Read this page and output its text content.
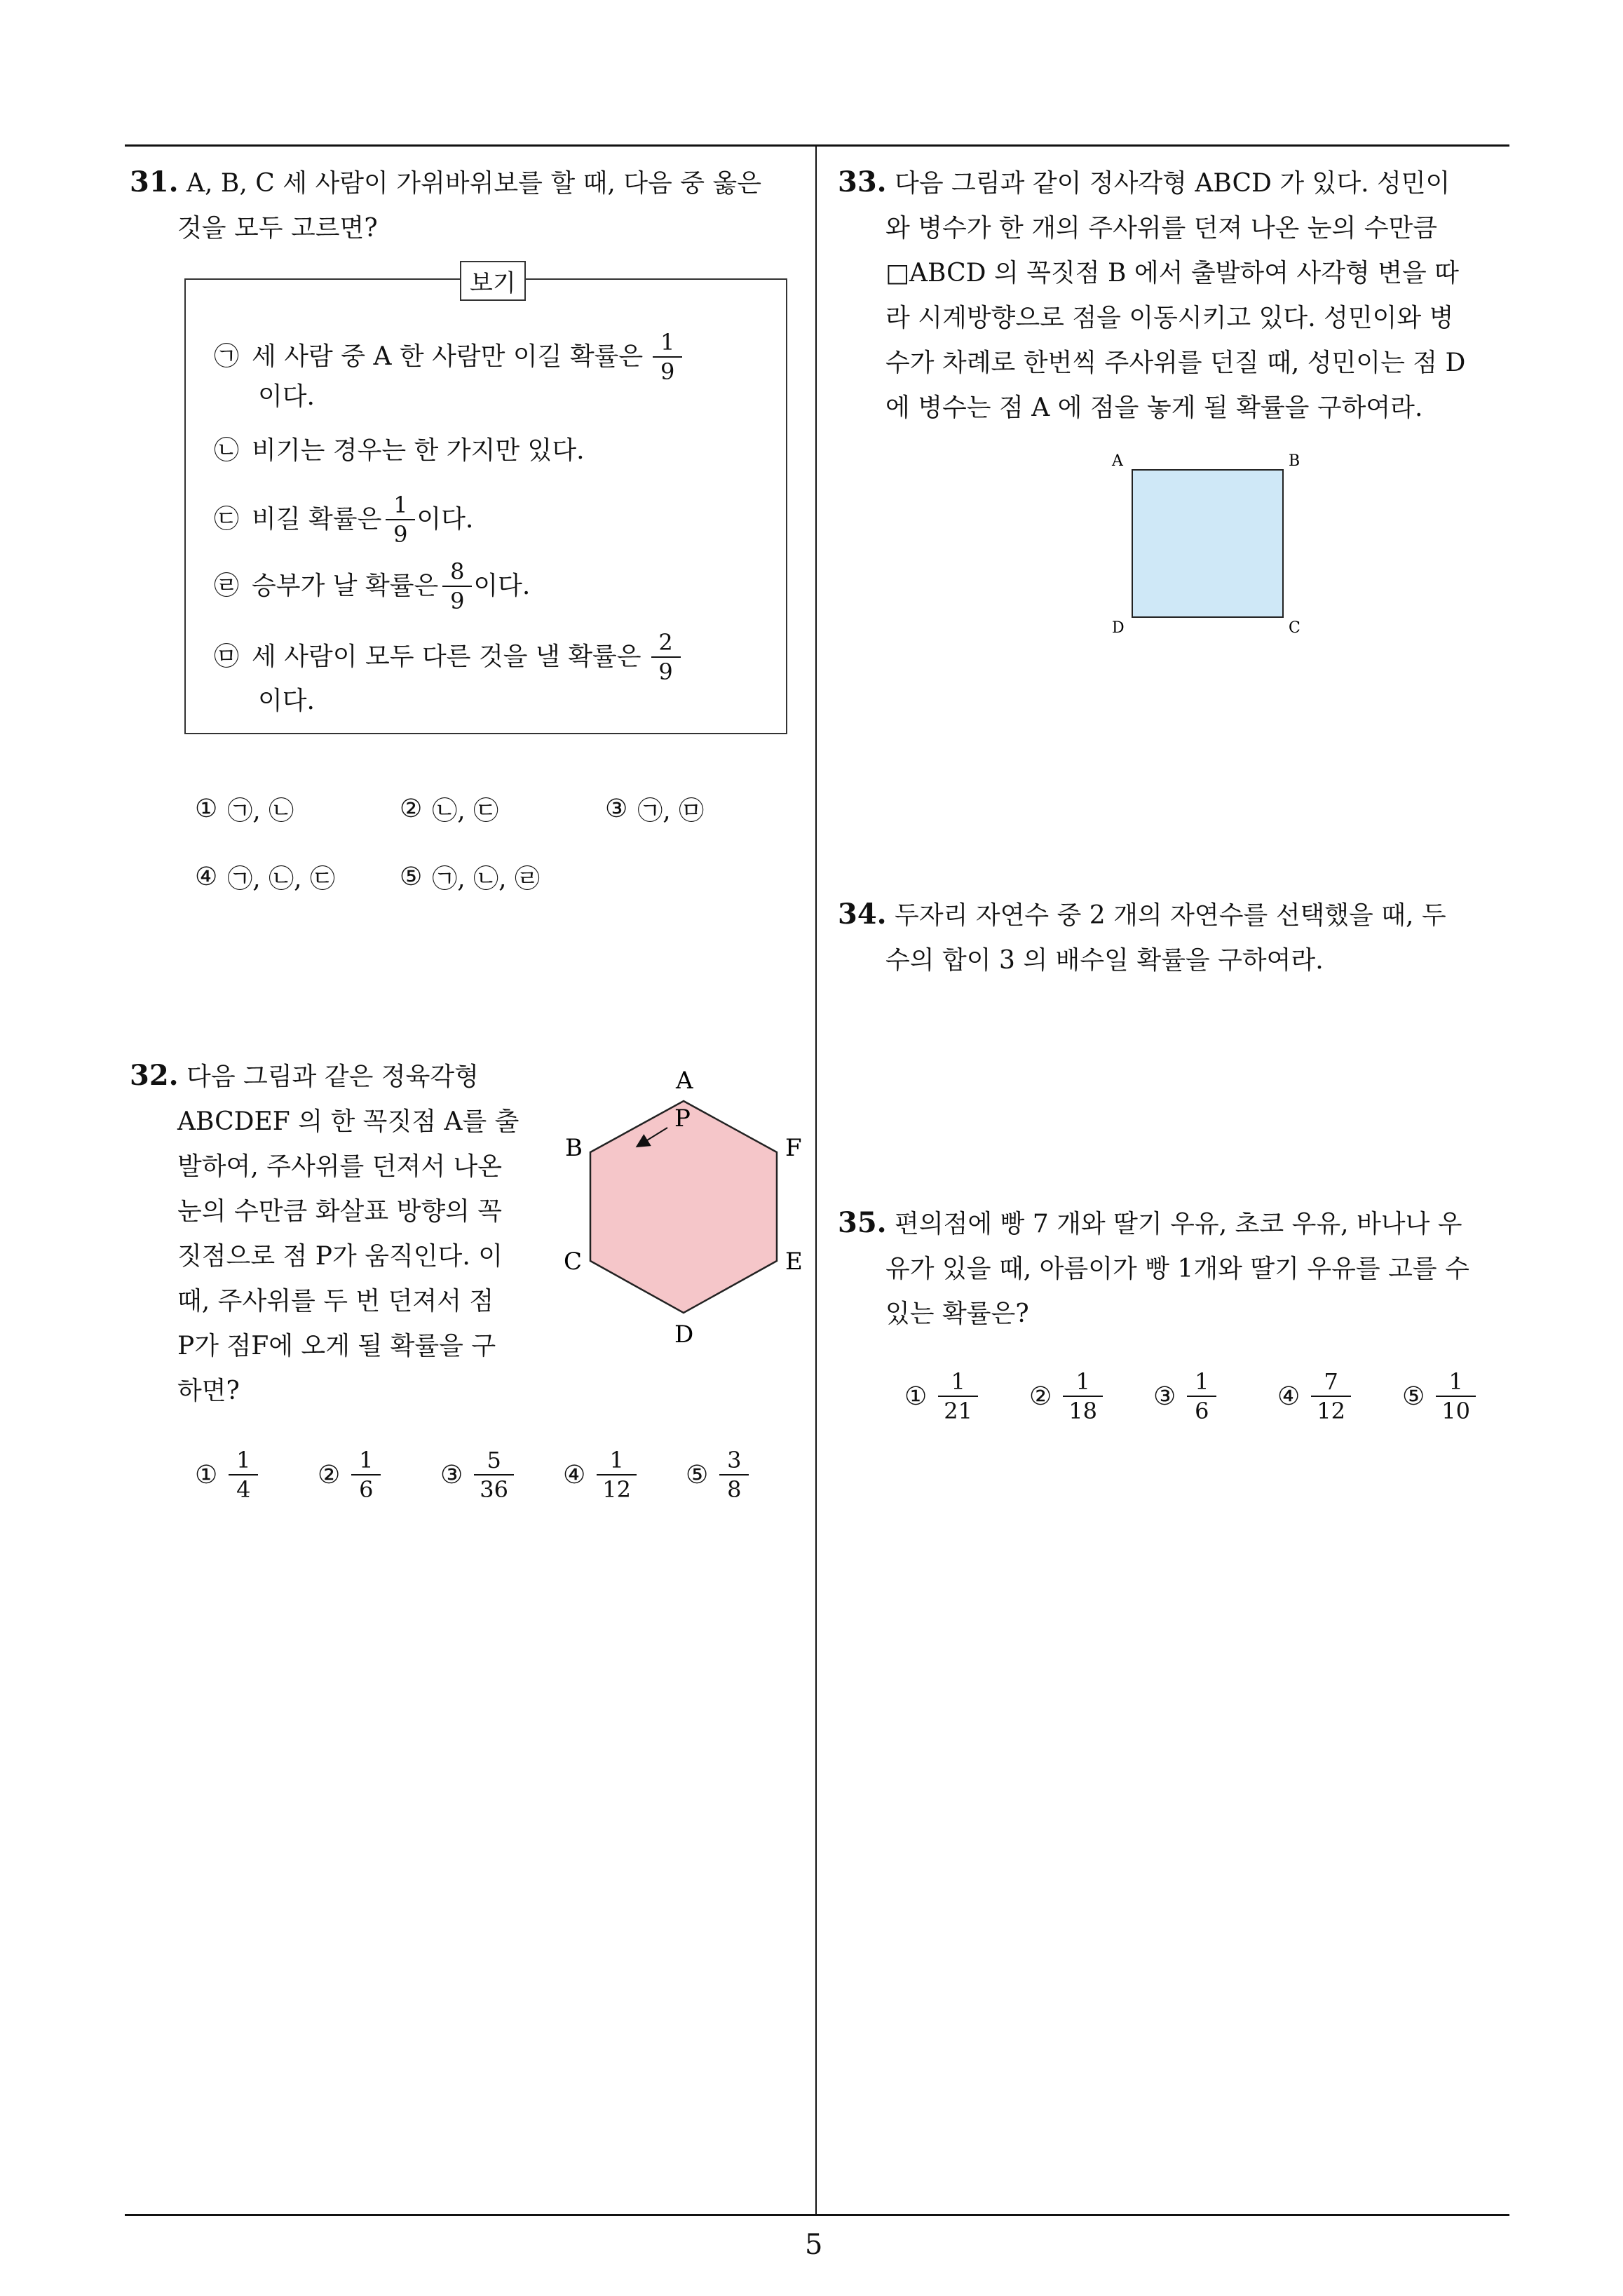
5
31. A, B, C 세 사람이 가위바위보를 할 때, 다음 중 옳은
것을 모두 고르면?
보기
㉠ 세 사람 중 A 한 사람만 이길 확률은 $\frac{1}{9}$
이다.
㉡ 비기는 경우는 한 가지만 있다.
㉢ 비길 확률은 $\frac{1}{9}$ 이다.
㉣ 승부가 날 확률은 $\frac{8}{9}$ 이다.
㉤ 세 사람이 모두 다른 것을 낼 확률은 $\frac{2}{9}$
이다.
① ㉠, ㉡	② ㉡, ㉢	③ ㉠, ㉤
④ ㉠, ㉡, ㉢	⑤ ㉠, ㉡, ㉣
32. 다음 그림과 같은 정육각형
ABCDEF 의 한 꼭짓점 A를 출
발하여, 주사위를 던져서 나온
눈의 수만큼 화살표 방향의 꼭
짓점으로 점 P가 움직인다. 이
때, 주사위를 두 번 던져서 점
P가 점F에 오게 될 확률을 구
하면?
A
P
B	F
C	E
D
① $\frac{1}{4}$ ② $\frac{1}{6}$ ③ $\frac{5}{36}$ ④ $\frac{1}{12}$ ⑤ $\frac{3}{8}$
33. 다음 그림과 같이 정사각형 ABCD 가 있다. 성민이
와 병수가 한 개의 주사위를 던져 나온 눈의 수만큼
□ABCD 의 꼭짓점 B 에서 출발하여 사각형 변을 따
라 시계방향으로 점을 이동시키고 있다. 성민이와 병
수가 차례로 한번씩 주사위를 던질 때, 성민이는 점 D
에 병수는 점 A 에 점을 놓게 될 확률을 구하여라.
A	B
D	C
34. 두자리 자연수 중 2 개의 자연수를 선택했을 때, 두
수의 합이 3 의 배수일 확률을 구하여라.
35. 편의점에 빵 7 개와 딸기 우유, 초코 우유, 바나나 우
유가 있을 때, 아름이가 빵 1개와 딸기 우유를 고를 수
있는 확률은?
① $\frac{1}{21}$ ② $\frac{1}{18}$ ③ $\frac{1}{6}$	④ $\frac{7}{12}$ ⑤ $\frac{1}{10}$
